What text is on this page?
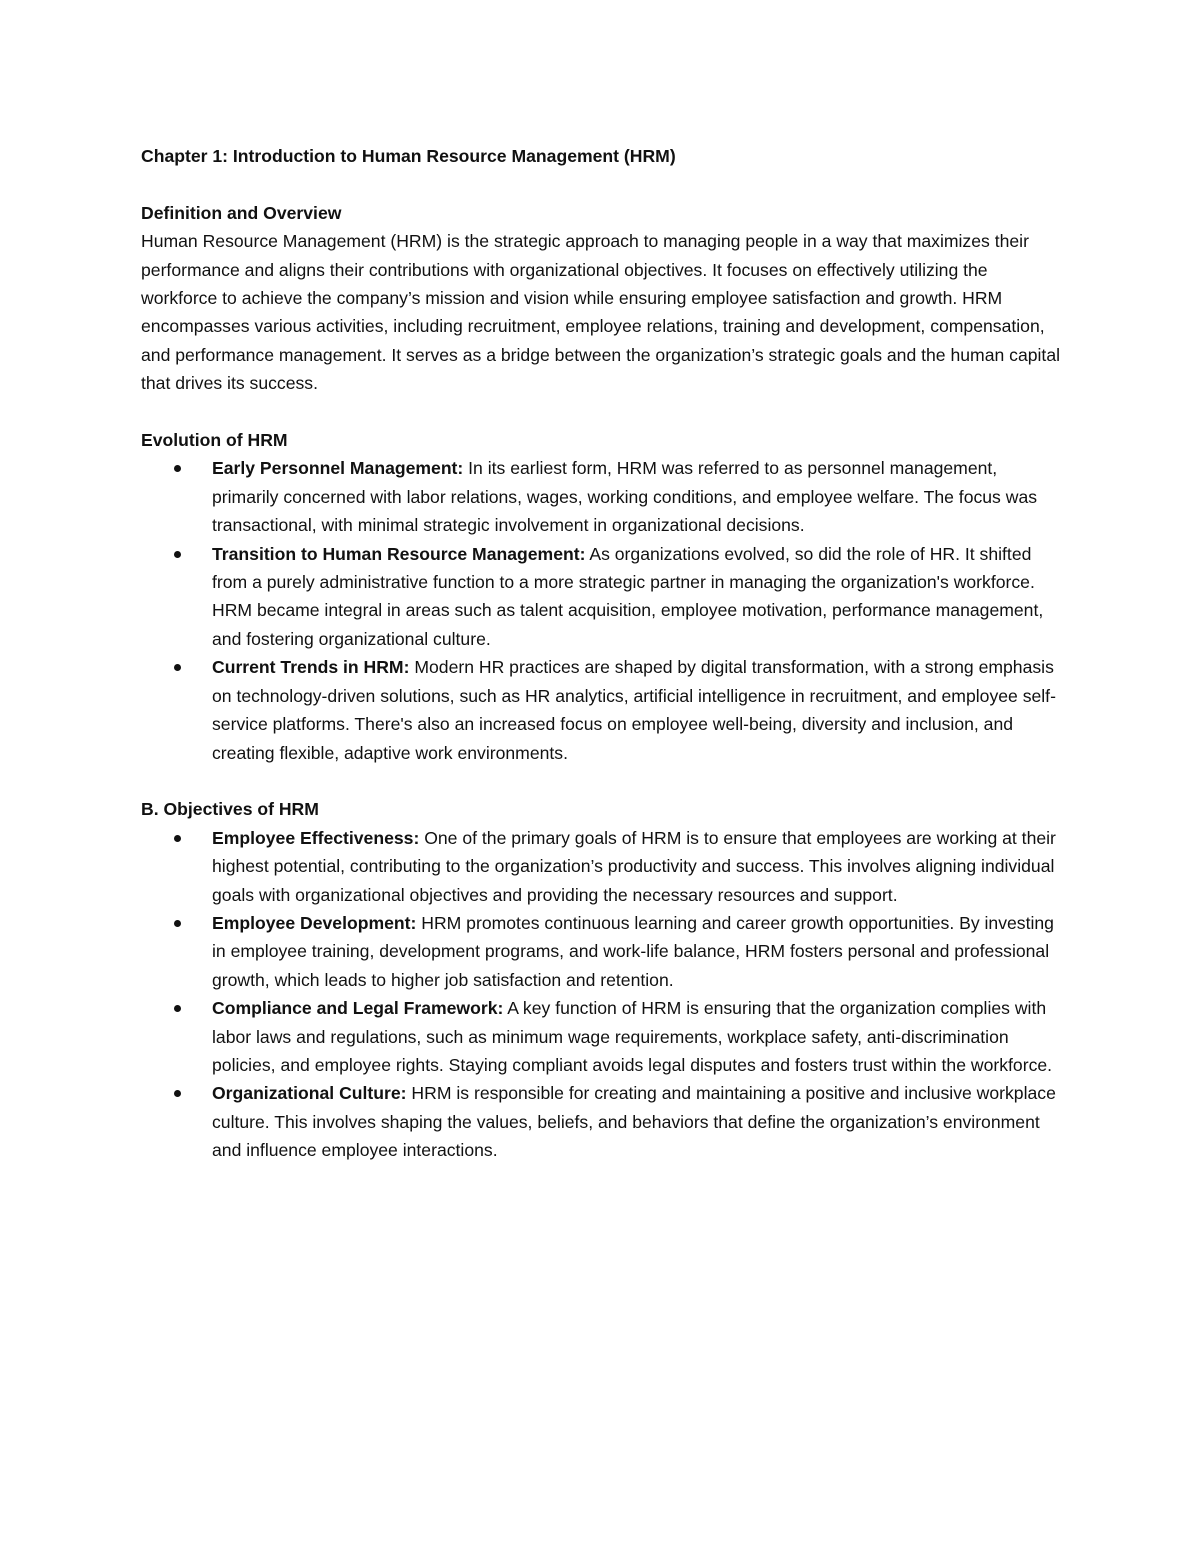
Chapter 1: Introduction to Human Resource Management (HRM)
Definition and Overview

Human Resource Management (HRM) is the strategic approach to managing people in a way that maximizes their performance and aligns their contributions with organizational objectives. It focuses on effectively utilizing the workforce to achieve the company’s mission and vision while ensuring employee satisfaction and growth. HRM encompasses various activities, including recruitment, employee relations, training and development, compensation, and performance management. It serves as a bridge between the organization’s strategic goals and the human capital that drives its success.

Evolution of HRM
Early Personnel Management: In its earliest form, HRM was referred to as personnel management, primarily concerned with labor relations, wages, working conditions, and employee welfare. The focus was transactional, with minimal strategic involvement in organizational decisions.
Transition to Human Resource Management: As organizations evolved, so did the role of HR. It shifted from a purely administrative function to a more strategic partner in managing the organization's workforce. HRM became integral in areas such as talent acquisition, employee motivation, performance management, and fostering organizational culture.
Current Trends in HRM: Modern HR practices are shaped by digital transformation, with a strong emphasis on technology-driven solutions, such as HR analytics, artificial intelligence in recruitment, and employee self-service platforms. There's also an increased focus on employee well-being, diversity and inclusion, and creating flexible, adaptive work environments.
B. Objectives of HRM
Employee Effectiveness: One of the primary goals of HRM is to ensure that employees are working at their highest potential, contributing to the organization’s productivity and success. This involves aligning individual goals with organizational objectives and providing the necessary resources and support.
Employee Development: HRM promotes continuous learning and career growth opportunities. By investing in employee training, development programs, and work-life balance, HRM fosters personal and professional growth, which leads to higher job satisfaction and retention.
Compliance and Legal Framework: A key function of HRM is ensuring that the organization complies with labor laws and regulations, such as minimum wage requirements, workplace safety, anti-discrimination policies, and employee rights. Staying compliant avoids legal disputes and fosters trust within the workforce.
Organizational Culture: HRM is responsible for creating and maintaining a positive and inclusive workplace culture. This involves shaping the values, beliefs, and behaviors that define the organization’s environment and influence employee interactions.
